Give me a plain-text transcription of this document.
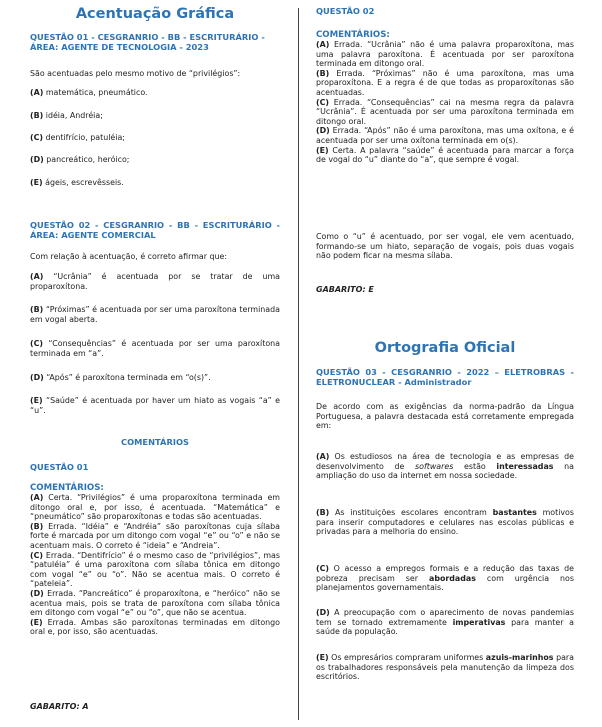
Acentuação Gráfica

QUESTÃO 01 - CESGRANRIO - BB - ESCRITURÁRIO - ÁREA: AGENTE DE TECNOLOGIA - 2023

São acentuadas pelo mesmo motivo de “privilégios”:

(A) matemática, pneumático.

(B) idéia, Andréia;

(C) dentifrício, patuléia;

(D) pancreático, heróico;

(E) ágeis, escrevêsseis.

QUESTÃO 02 - CESGRANRIO - BB - ESCRITURÁRIO - ÁREA: AGENTE COMERCIAL

Com relação à acentuação, é correto afirmar que:

(A) “Ucrânia” é acentuada por se tratar de uma proparoxítona.

(B) “Próximas” é acentuada por ser uma paroxítona terminada em vogal aberta.

(C) “Consequências” é acentuada por ser uma paroxítona terminada em “a”.

(D) “Após” é paroxítona terminada em “o(s)”.

(E) “Saúde” é acentuada por haver um hiato as vogais “a” e “u”.

COMENTÁRIOS

QUESTÃO 01

COMENTÁRIOS:

(A) Certa. “Privilégios” é uma proparoxítona terminada em ditongo oral e, por isso, é acentuada. “Matemática” e “pneumático” são proparoxítonas e todas são acentuadas.

(B) Errada. “Idéia” e “Andréia” são paroxítonas cuja sílaba forte é marcada por um ditongo com vogal “e” ou “o” e não se acentuam mais. O correto é “ideia” e “Andreia”.

(C) Errada. “Dentifrício” é o mesmo caso de “privilégios”, mas “patuléia” é uma paroxítona com sílaba tônica em ditongo com vogal “e” ou “o”. Não se acentua mais. O correto é “pateleia”.

(D) Errada. “Pancreático” é proparoxítona, e “heróico” não se acentua mais, pois se trata de paroxítona com sílaba tônica em ditongo com vogal “e” ou “o”, que não se acentua.

(E) Errada. Ambas são paroxítonas terminadas em ditongo oral e, por isso, são acentuadas.

GABARITO: A

QUESTÃO 02

COMENTÁRIOS:

(A) Errada. “Ucrânia” não é uma palavra proparoxítona, mas uma palavra paroxítona. É acentuada por ser paroxítona terminada em ditongo oral.

(B) Errada. “Próximas” não é uma paroxítona, mas uma proparoxítona. E a regra é de que todas as proparoxítonas são acentuadas.

(C) Errada. “Consequências” cai na mesma regra da palavra “Ucrânia”. É acentuada por ser uma paroxítona terminada em ditongo oral.

(D) Errada. “Após” não é uma paroxítona, mas uma oxítona, e é acentuada por ser uma oxítona terminada em o(s).

(E) Certa. A palavra “saúde” é acentuada para marcar a força de vogal do “u” diante do “a”, que sempre é vogal.

Como o “u” é acentuado, por ser vogal, ele vem acentuado, formando-se um hiato, separação de vogais, pois duas vogais não podem ficar na mesma sílaba.

GABARITO: E

Ortografia Oficial

QUESTÃO 03 - CESGRANRIO - 2022 – ELETROBRAS - ELETRONUCLEAR - Administrador

De acordo com as exigências da norma-padrão da Língua Portuguesa, a palavra destacada está corretamente empregada em:

(A) Os estudiosos na área de tecnologia e as empresas de desenvolvimento de softwares estão interessadas na ampliação do uso da internet em nossa sociedade.

(B) As instituições escolares encontram bastantes motivos para inserir computadores e celulares nas escolas públicas e privadas para a melhoria do ensino.

(C) O acesso a empregos formais e a redução das taxas de pobreza precisam ser abordadas com urgência nos planejamentos governamentais.

(D) A preocupação com o aparecimento de novas pandemias tem se tornado extremamente imperativas para manter a saúde da população.

(E) Os empresários compraram uniformes azuis-marinhos para os trabalhadores responsáveis pela manutenção da limpeza dos escritórios.
